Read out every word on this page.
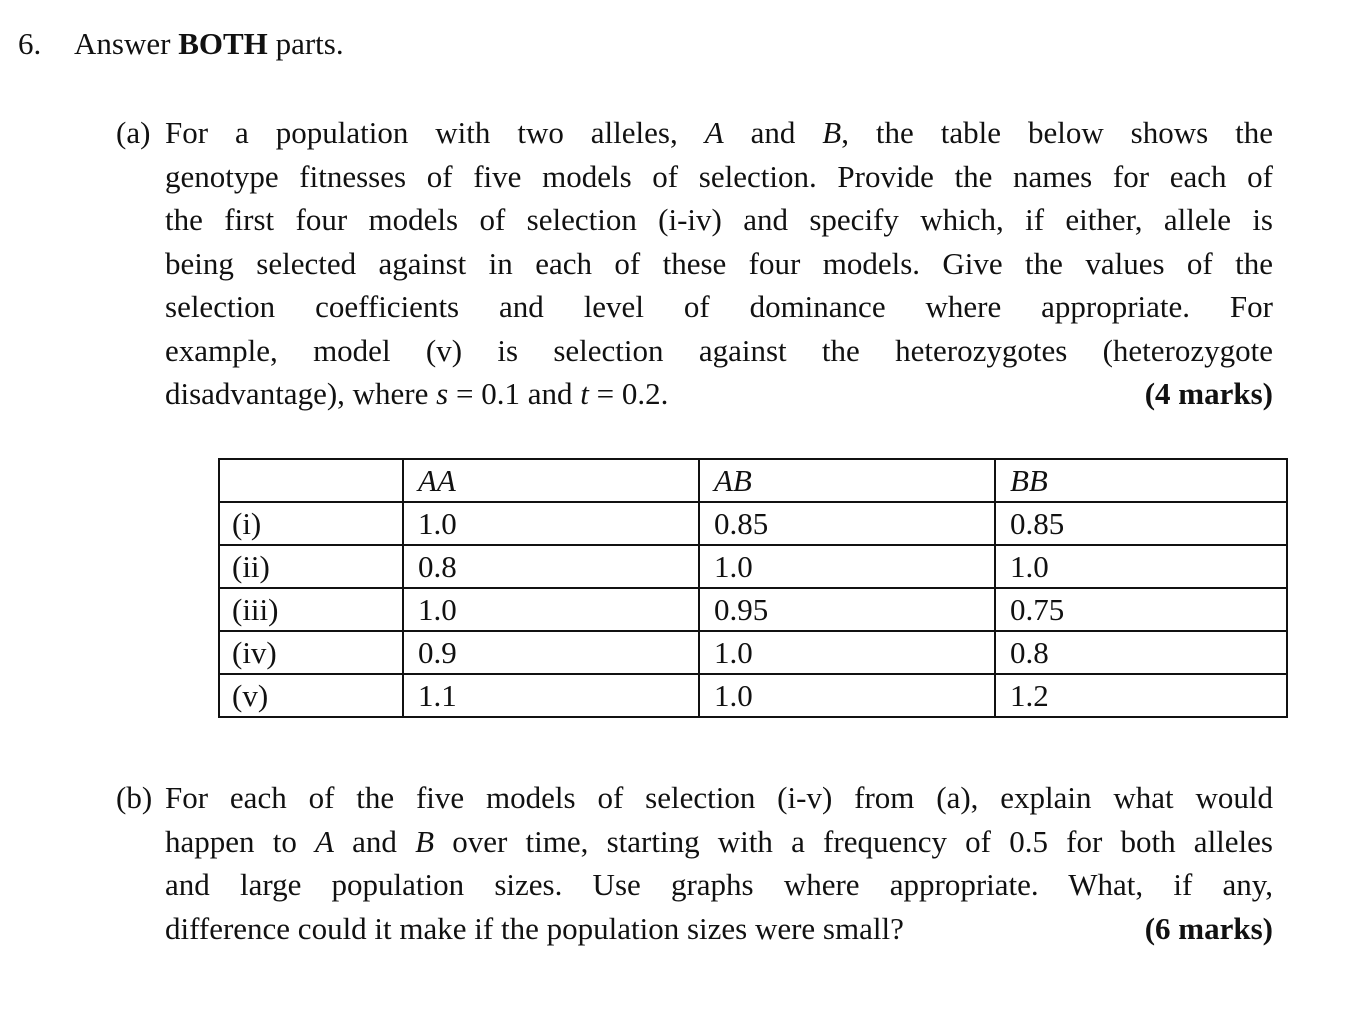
6. Answer BOTH parts.
(a) For a population with two alleles, A and B, the table below shows the
genotype fitnesses of five models of selection. Provide the names for each of
the first four models of selection (i-iv) and specify which, if either, allele is
being selected against in each of these four models. Give the values of the
selection coefficients and level of dominance where appropriate. For
example, model (v) is selection against the heterozygotes (heterozygote
disadvantage), where s = 0.1 and t = 0.2.	(4 marks)
	AA	AB	BB
(i)	1.0	0.85	0.85
(ii)	0.8	1.0	1.0
(iii)	1.0	0.95	0.75
(iv)	0.9	1.0	0.8
(v)	1.1	1.0	1.2
(b) For each of the five models of selection (i-v) from (a), explain what would
happen to A and B over time, starting with a frequency of 0.5 for both alleles
and large population sizes. Use graphs where appropriate. What, if any,
difference could it make if the population sizes were small?	(6 marks)
